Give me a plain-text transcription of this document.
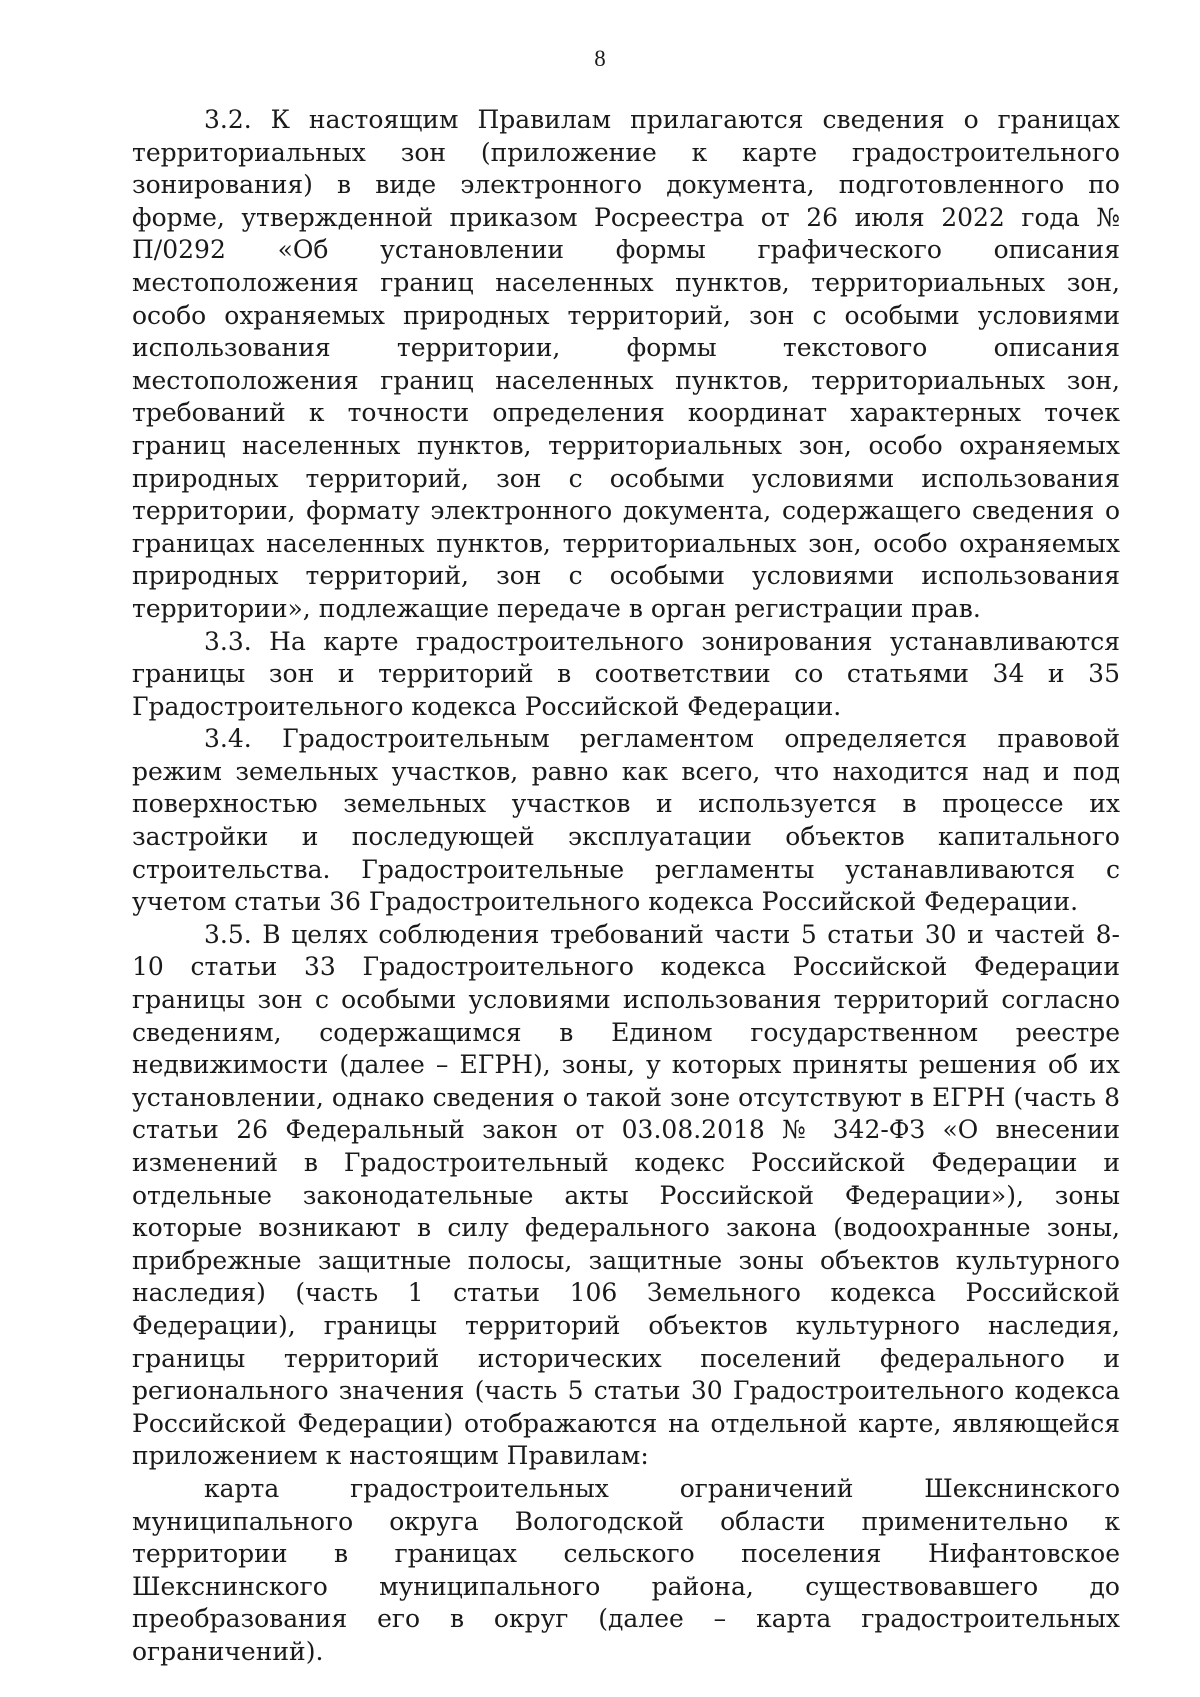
8

3.2. К настоящим Правилам прилагаются сведения о границах территориальных зон (приложение к карте градостроительного зонирования) в виде электронного документа, подготовленного по форме, утвержденной приказом Росреестра от 26 июля 2022 года № П/0292 «Об установлении формы графического описания местоположения границ населенных пунктов, территориальных зон, особо охраняемых природных территорий, зон с особыми условиями использования территории, формы текстового описания местоположения границ населенных пунктов, территориальных зон, требований к точности определения координат характерных точек границ населенных пунктов, территориальных зон, особо охраняемых природных территорий, зон с особыми условиями использования территории, формату электронного документа, содержащего сведения о границах населенных пунктов, территориальных зон, особо охраняемых природных территорий, зон с особыми условиями использования территории», подлежащие передаче в орган регистрации прав.

3.3. На карте градостроительного зонирования устанавливаются границы зон и территорий в соответствии со статьями 34 и 35 Градостроительного кодекса Российской Федерации.

3.4. Градостроительным регламентом определяется правовой режим земельных участков, равно как всего, что находится над и под поверхностью земельных участков и используется в процессе их застройки и последующей эксплуатации объектов капитального строительства. Градостроительные регламенты устанавливаются с учетом статьи 36 Градостроительного кодекса Российской Федерации.

3.5. В целях соблюдения требований части 5 статьи 30 и частей 8-10 статьи 33 Градостроительного кодекса Российской Федерации границы зон с особыми условиями использования территорий согласно сведениям, содержащимся в Едином государственном реестре недвижимости (далее – ЕГРН), зоны, у которых приняты решения об их установлении, однако сведения о такой зоне отсутствуют в ЕГРН (часть 8 статьи 26 Федеральный закон от 03.08.2018 № 342-ФЗ «О внесении изменений в Градостроительный кодекс Российской Федерации и отдельные законодательные акты Российской Федерации»), зоны которые возникают в силу федерального закона (водоохранные зоны, прибрежные защитные полосы, защитные зоны объектов культурного наследия) (часть 1 статьи 106 Земельного кодекса Российской Федерации), границы территорий объектов культурного наследия, границы территорий исторических поселений федерального и регионального значения (часть 5 статьи 30 Градостроительного кодекса Российской Федерации) отображаются на отдельной карте, являющейся приложением к настоящим Правилам:

карта градостроительных ограничений Шекснинского муниципального округа Вологодской области применительно к территории в границах сельского поселения Нифантовское Шекснинского муниципального района, существовавшего до преобразования его в округ (далее – карта градостроительных ограничений).
